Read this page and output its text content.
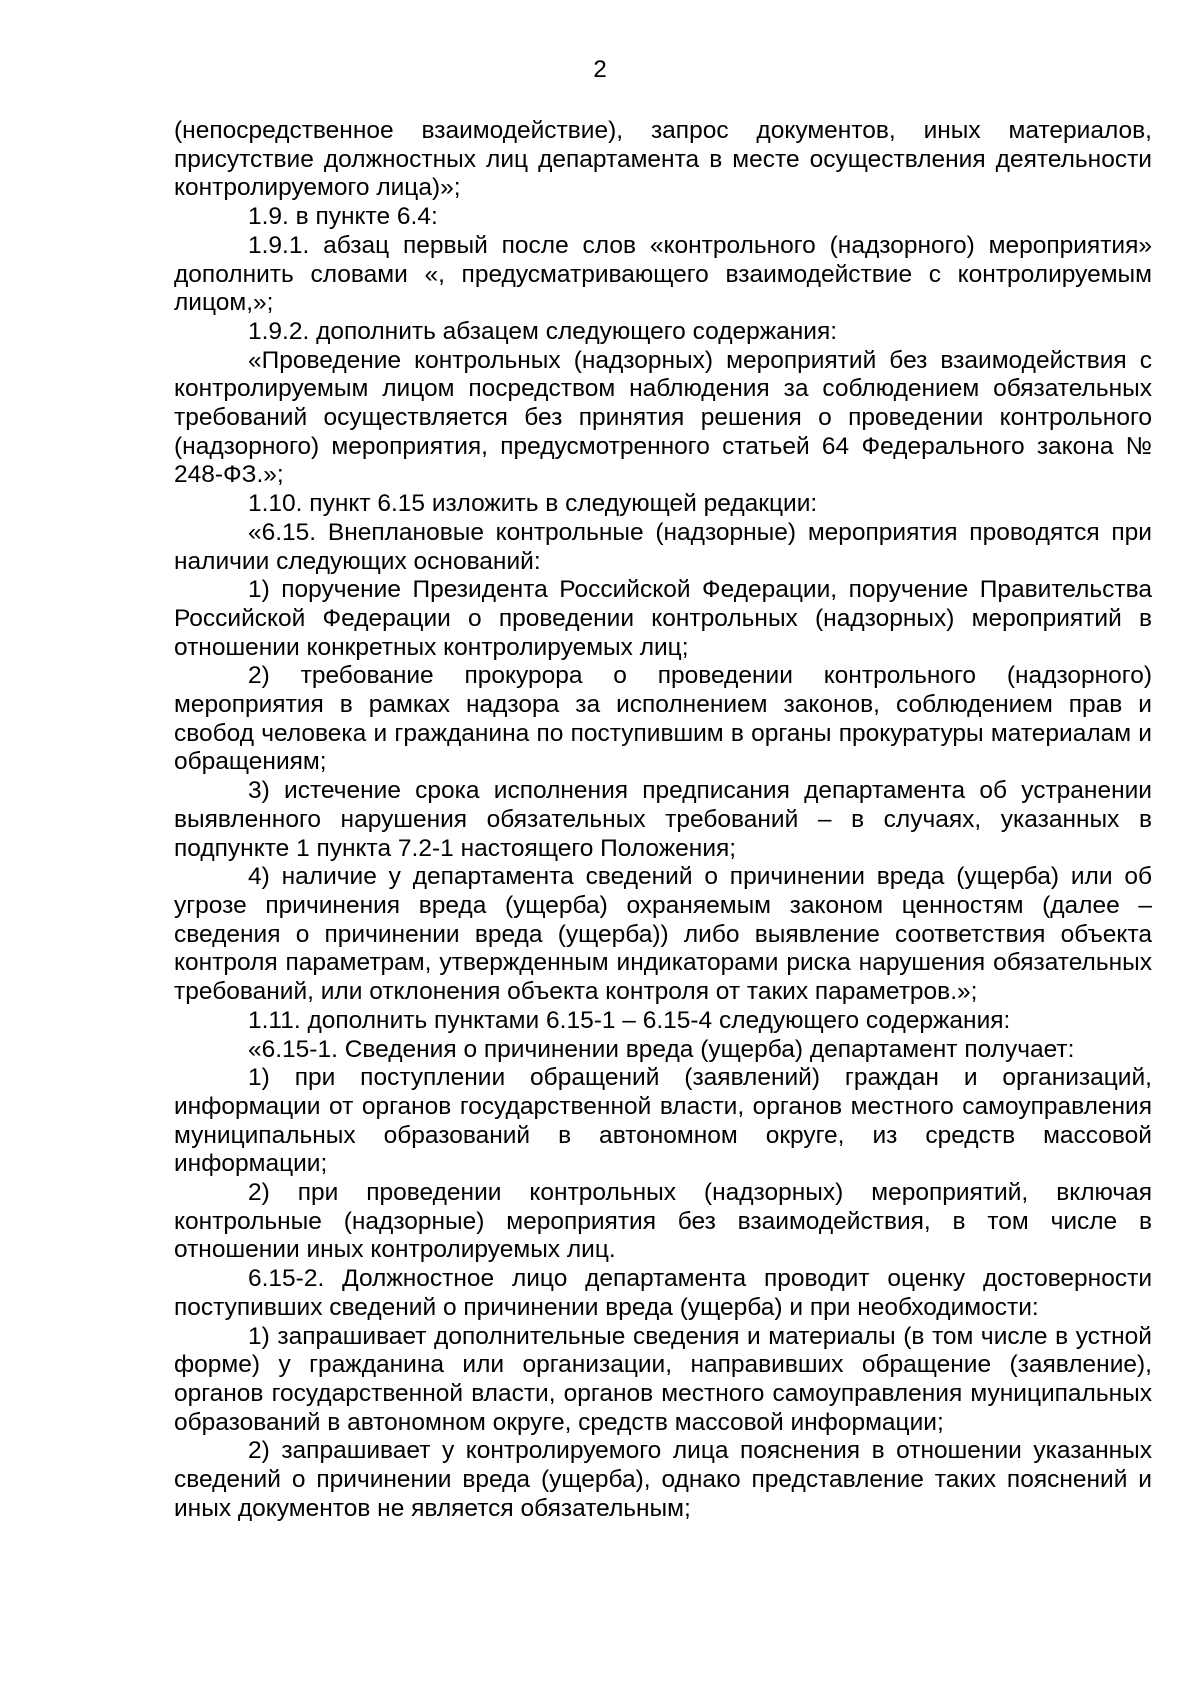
2

(непосредственное взаимодействие), запрос документов, иных материалов, присутствие должностных лиц департамента в месте осуществления деятельности контролируемого лица)»;

1.9. в пункте 6.4:

1.9.1. абзац первый после слов «контрольного (надзорного) мероприятия» дополнить словами «, предусматривающего взаимодействие с контролируемым лицом,»;

1.9.2. дополнить абзацем следующего содержания:

«Проведение контрольных (надзорных) мероприятий без взаимодействия с контролируемым лицом посредством наблюдения за соблюдением обязательных требований осуществляется без принятия решения о проведении контрольного (надзорного) мероприятия, предусмотренного статьей 64 Федерального закона № 248-ФЗ.»;

1.10. пункт 6.15 изложить в следующей редакции:

«6.15. Внеплановые контрольные (надзорные) мероприятия проводятся при наличии следующих оснований:

1) поручение Президента Российской Федерации, поручение Правительства Российской Федерации о проведении контрольных (надзорных) мероприятий в отношении конкретных контролируемых лиц;

2) требование прокурора о проведении контрольного (надзорного) мероприятия в рамках надзора за исполнением законов, соблюдением прав и свобод человека и гражданина по поступившим в органы прокуратуры материалам и обращениям;

3) истечение срока исполнения предписания департамента об устранении выявленного нарушения обязательных требований – в случаях, указанных в подпункте 1 пункта 7.2-1 настоящего Положения;

4) наличие у департамента сведений о причинении вреда (ущерба) или об угрозе причинения вреда (ущерба) охраняемым законом ценностям (далее – сведения о причинении вреда (ущерба)) либо выявление соответствия объекта контроля параметрам, утвержденным индикаторами риска нарушения обязательных требований, или отклонения объекта контроля от таких параметров.»;

1.11. дополнить пунктами 6.15-1 – 6.15-4 следующего содержания:

«6.15-1. Сведения о причинении вреда (ущерба) департамент получает:

1) при поступлении обращений (заявлений) граждан и организаций, информации от органов государственной власти, органов местного самоуправления муниципальных образований в автономном округе, из средств массовой информации;

2) при проведении контрольных (надзорных) мероприятий, включая контрольные (надзорные) мероприятия без взаимодействия, в том числе в отношении иных контролируемых лиц.

6.15-2. Должностное лицо департамента проводит оценку достоверности поступивших сведений о причинении вреда (ущерба) и при необходимости:

1) запрашивает дополнительные сведения и материалы (в том числе в устной форме) у гражданина или организации, направивших обращение (заявление), органов государственной власти, органов местного самоуправления муниципальных образований в автономном округе, средств массовой информации;

2) запрашивает у контролируемого лица пояснения в отношении указанных сведений о причинении вреда (ущерба), однако представление таких пояснений и иных документов не является обязательным;
